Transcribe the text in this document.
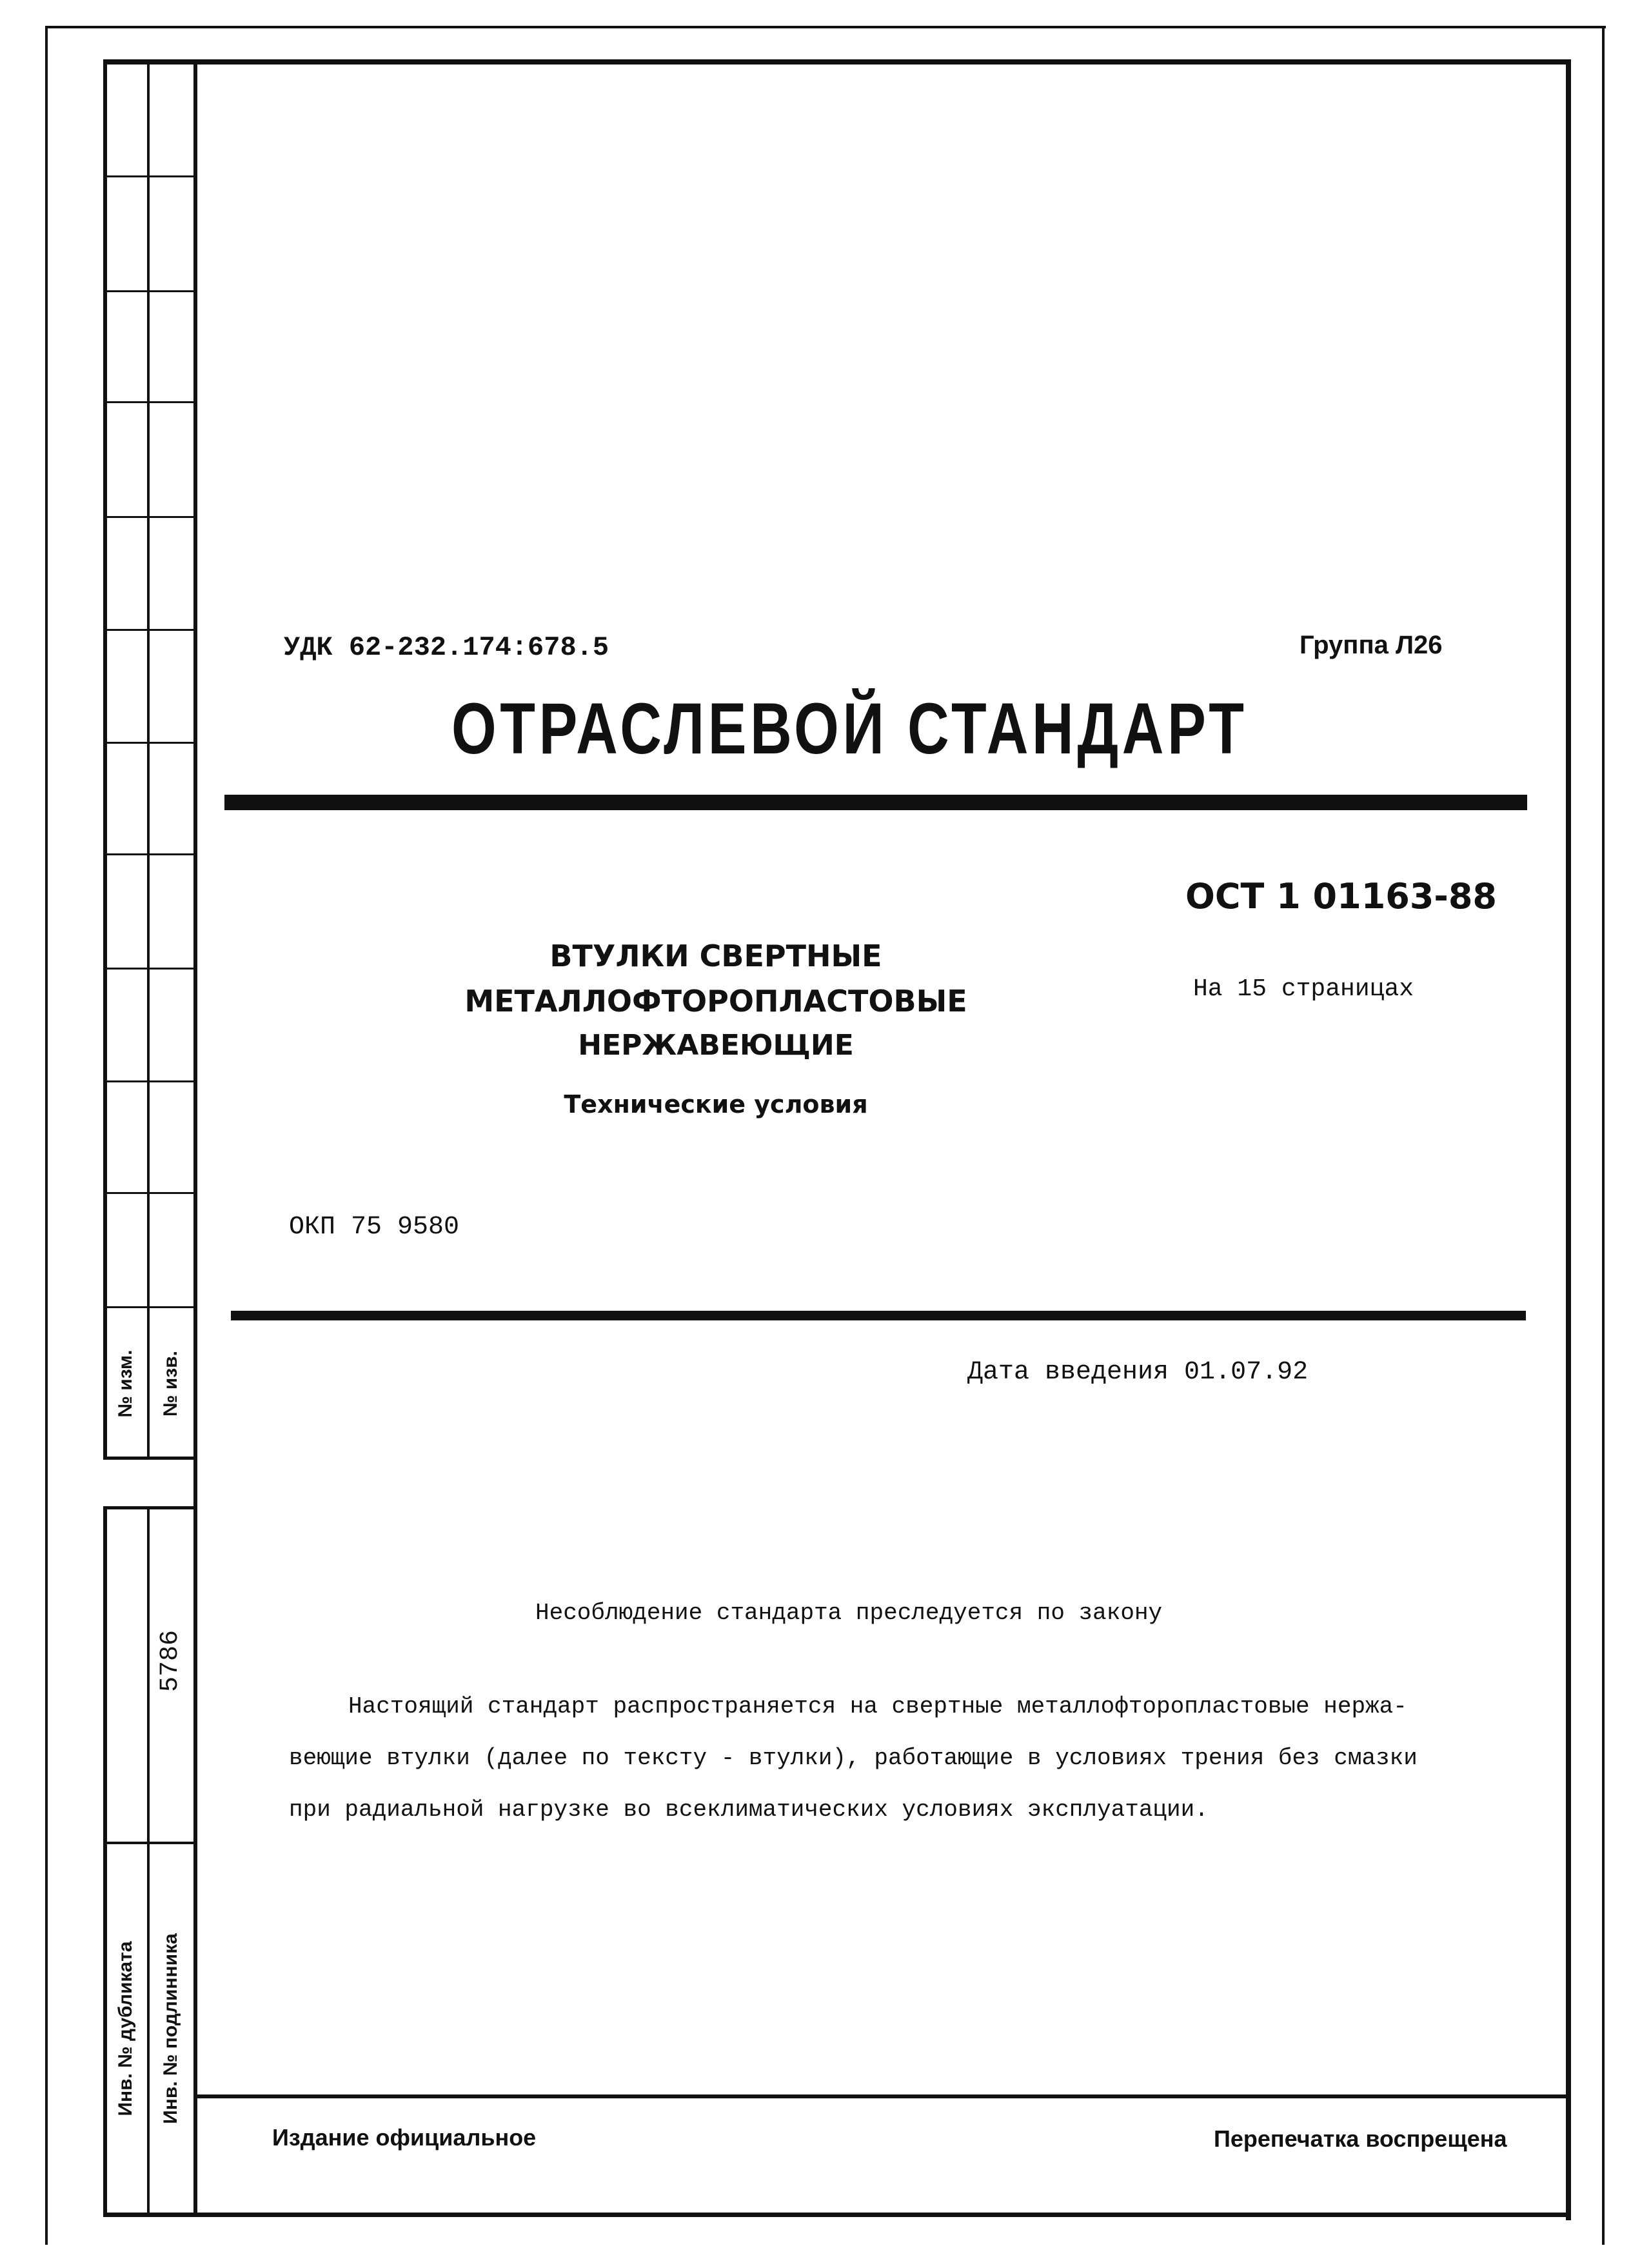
№ изм. № изв.
5786
Инв. № дубликата Инв. № подлинника
УДК 62-232.174:678.5	Группа Л26
ОТРАСЛЕВОЙ СТАНДАРТ
ОСТ 1 01163-88
На 15 страницах
ВТУЛКИ СВЕРТНЫЕ
МЕТАЛЛОФТОРОПЛАСТОВЫЕ
НЕРЖАВЕЮЩИЕ
Технические условия
ОКП 75 9580
Дата введения 01.07.92
Несоблюдение стандарта преследуется по закону
Настоящий стандарт распространяется на свертные металлофторопластовые нержа-
веющие втулки (далее по тексту - втулки), работающие в условиях трения без смазки
при радиальной нагрузке во всеклиматических условиях эксплуатации.
Издание официальное	Перепечатка воспрещена
